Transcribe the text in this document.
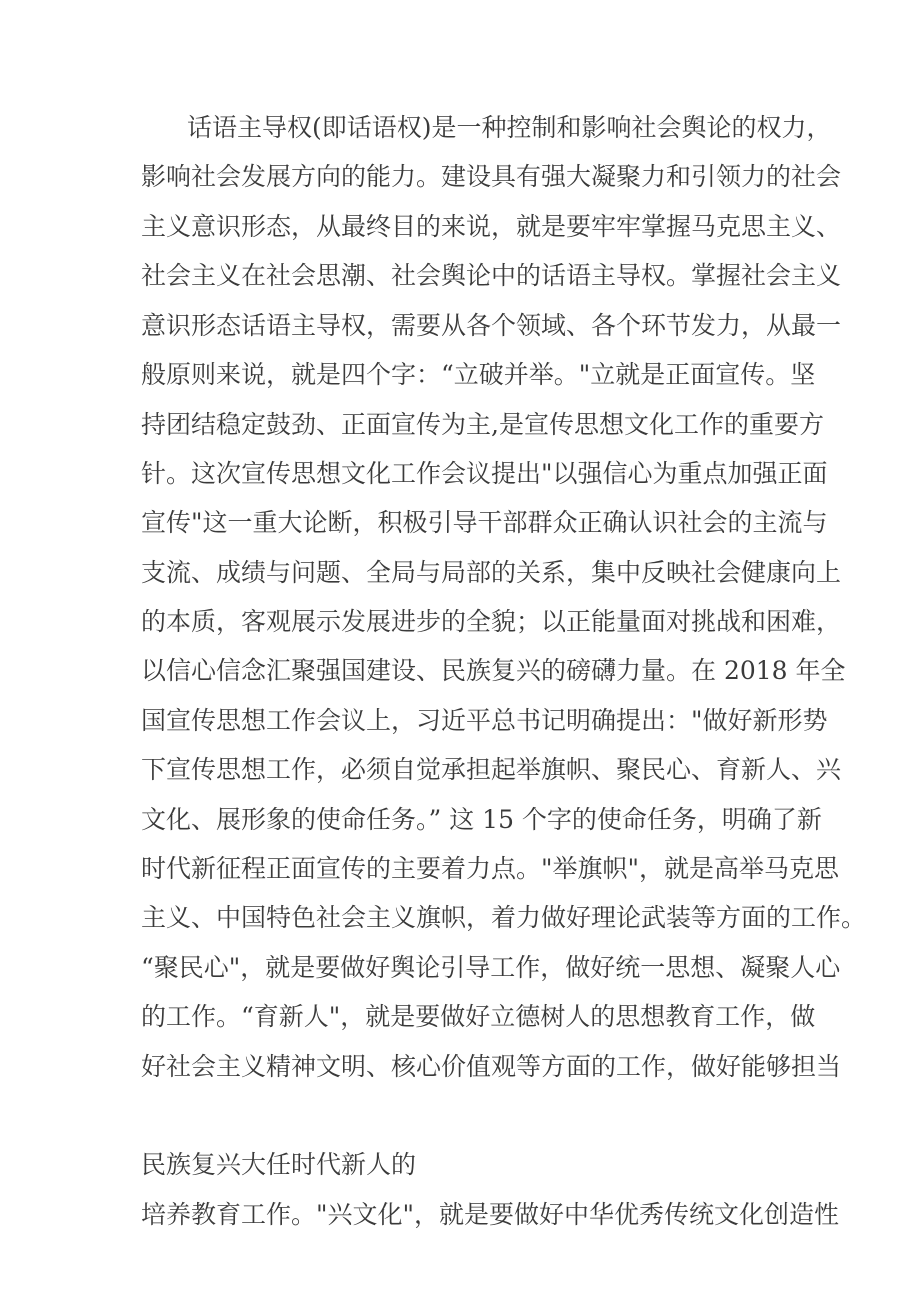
话语主导权(即话语权)是一种控制和影响社会舆论的权力，
影响社会发展方向的能力。建设具有强大凝聚力和引领力的社会
主义意识形态，从最终目的来说，就是要牢牢掌握马克思主义、
社会主义在社会思潮、社会舆论中的话语主导权。掌握社会主义
意识形态话语主导权，需要从各个领域、各个环节发力，从最一
般原则来说，就是四个字：“立破并举。"立就是正面宣传。坚
持团结稳定鼓劲、正面宣传为主,是宣传思想文化工作的重要方
针。这次宣传思想文化工作会议提出"以强信心为重点加强正面
宣传"这一重大论断，积极引导干部群众正确认识社会的主流与
支流、成绩与问题、全局与局部的关系，集中反映社会健康向上
的本质，客观展示发展进步的全貌；以正能量面对挑战和困难，
以信心信念汇聚强国建设、民族复兴的磅礴力量。在 2018 年全
国宣传思想工作会议上，习近平总书记明确提出："做好新形势
下宣传思想工作，必须自觉承担起举旗帜、聚民心、育新人、兴
文化、展形象的使命任务。” 这 15 个字的使命任务，明确了新
时代新征程正面宣传的主要着力点。"举旗帜"，就是高举马克思
主义、中国特色社会主义旗帜，着力做好理论武装等方面的工作。
“聚民心"，就是要做好舆论引导工作，做好统一思想、凝聚人心
的工作。“育新人"，就是要做好立德树人的思想教育工作，做
好社会主义精神文明、核心价值观等方面的工作，做好能够担当
民族复兴大任时代新人的
培养教育工作。"兴文化"，就是要做好中华优秀传统文化创造性
